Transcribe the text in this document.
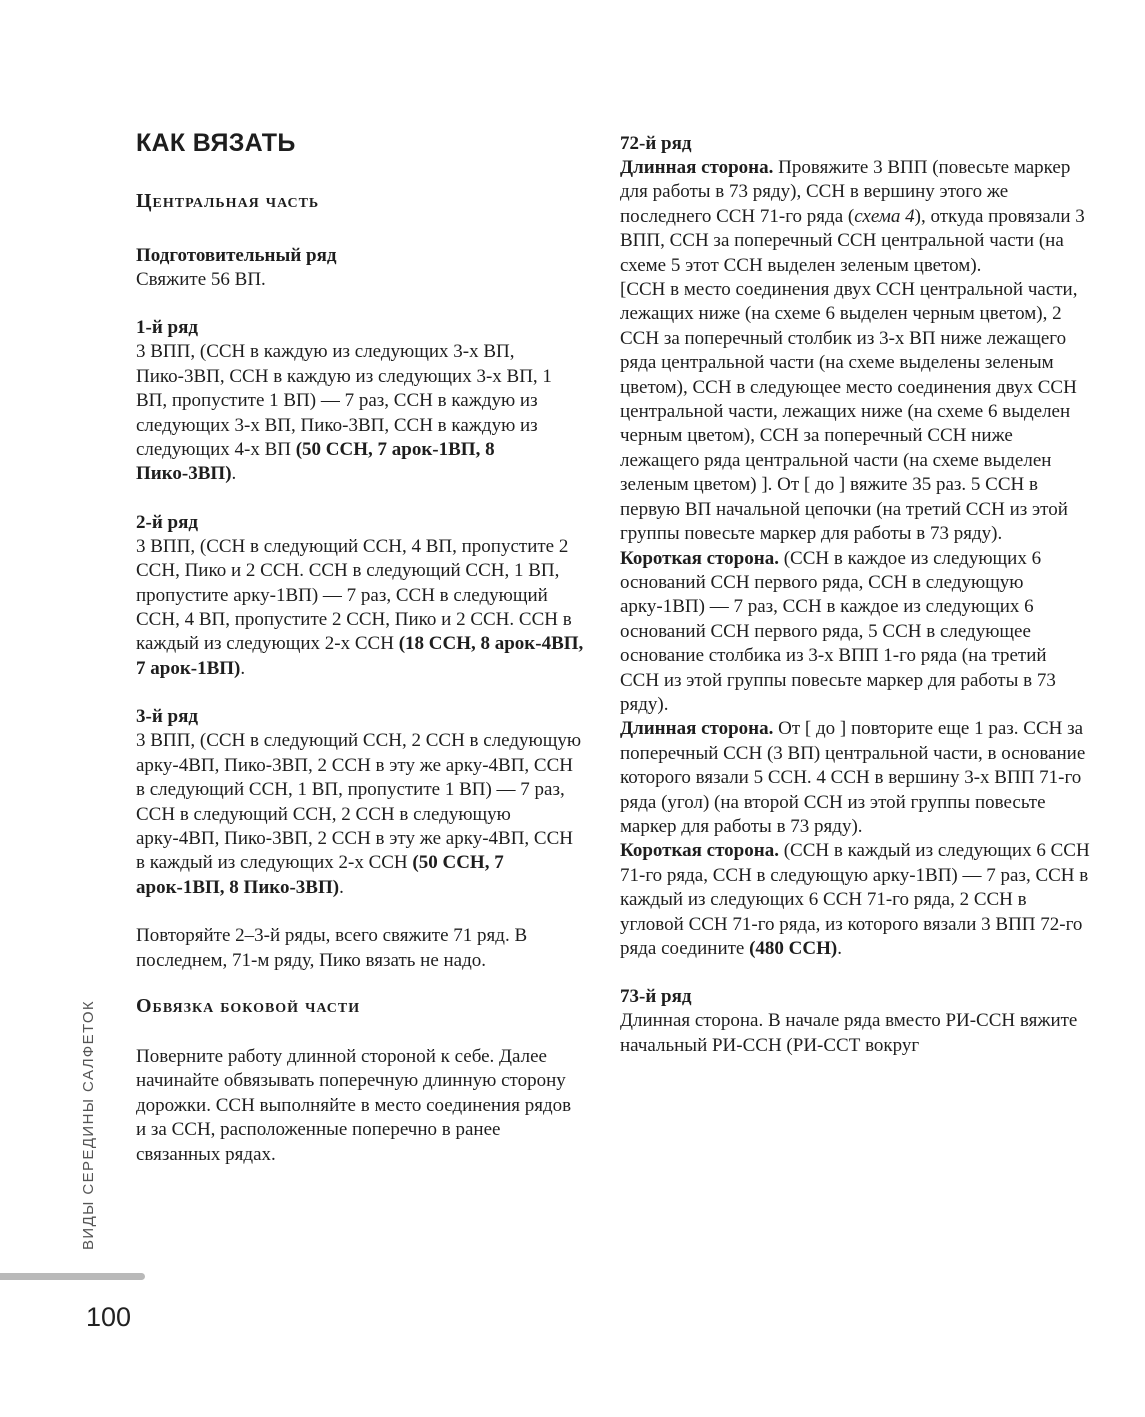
КАК ВЯЗАТЬ
Центральная часть
Подготовительный ряд

Свяжите 56 ВП.

1-й ряд

3 ВПП, (ССН в каждую из следующих 3-х ВП, Пико-3ВП, ССН в каждую из следующих 3-х ВП, 1 ВП, пропустите 1 ВП) — 7 раз, ССН в каждую из следующих 3-х ВП, Пико-3ВП, ССН в каждую из следующих 4-х ВП (50 ССН, 7 арок-1ВП, 8 Пико-3ВП).

2-й ряд

3 ВПП, (ССН в следующий ССН, 4 ВП, пропустите 2 ССН, Пико и 2 ССН. ССН в следующий ССН, 1 ВП, пропустите арку-1ВП) — 7 раз, ССН в следующий ССН, 4 ВП, пропустите 2 ССН, Пико и 2 ССН. ССН в каждый из следующих 2-х ССН (18 ССН, 8 арок-4ВП, 7 арок-1ВП).

3-й ряд

3 ВПП, (ССН в следующий ССН, 2 ССН в следующую арку-4ВП, Пико-3ВП, 2 ССН в эту же арку-4ВП, ССН в следующий ССН, 1 ВП, пропустите 1 ВП) — 7 раз, ССН в следующий ССН, 2 ССН в следующую арку-4ВП, Пико-3ВП, 2 ССН в эту же арку-4ВП, ССН в каждый из следующих 2-х ССН (50 ССН, 7 арок-1ВП, 8 Пико-3ВП).

Повторяйте 2–3-й ряды, всего свяжите 71 ряд. В последнем, 71-м ряду, Пико вязать не надо.

Обвязка боковой части

Поверните работу длинной стороной к себе. Далее начинайте обвязывать поперечную длинную сторону дорожки. ССН выполняйте в место соединения рядов и за ССН, расположенные поперечно в ранее связанных рядах.

72-й ряд

Длинная сторона. Провяжите 3 ВПП (повесьте маркер для работы в 73 ряду), ССН в вершину этого же последнего ССН 71-го ряда (схема 4), откуда провязали 3 ВПП, ССН за поперечный ССН центральной части (на схеме 5 этот ССН выделен зеленым цветом).

[ССН в место соединения двух ССН центральной части, лежащих ниже (на схеме 6 выделен черным цветом), 2 ССН за поперечный столбик из 3-х ВП ниже лежащего ряда центральной части (на схеме выделены зеленым цветом), ССН в следующее место соединения двух ССН центральной части, лежащих ниже (на схеме 6 выделен черным цветом), ССН за поперечный ССН ниже лежащего ряда центральной части (на схеме выделен зеленым цветом) ]. От [ до ] вяжите 35 раз. 5 ССН в первую ВП начальной цепочки (на третий ССН из этой группы повесьте маркер для работы в 73 ряду).

Короткая сторона. (ССН в каждое из следующих 6 оснований ССН первого ряда, ССН в следующую арку-1ВП) — 7 раз, ССН в каждое из следующих 6 оснований ССН первого ряда, 5 ССН в следующее основание столбика из 3-х ВПП 1-го ряда (на третий ССН из этой группы повесьте маркер для работы в 73 ряду).

Длинная сторона. От [ до ] повторите еще 1 раз. ССН за поперечный ССН (3 ВП) центральной части, в основание которого вязали 5 ССН. 4 ССН в вершину 3-х ВПП 71-го ряда (угол) (на второй ССН из этой группы повесьте маркер для работы в 73 ряду).

Короткая сторона. (ССН в каждый из следующих 6 ССН 71-го ряда, ССН в следующую арку-1ВП) — 7 раз, ССН в каждый из следующих 6 ССН 71-го ряда, 2 ССН в угловой ССН 71-го ряда, из которого вязали 3 ВПП 72-го ряда соедините (480 ССН).

73-й ряд

Длинная сторона. В начале ряда вместо РИ-ССН вяжите начальный РИ-ССН (РИ-ССТ вокруг

ВИДЫ СЕРЕДИНЫ САЛФЕТОК
100
